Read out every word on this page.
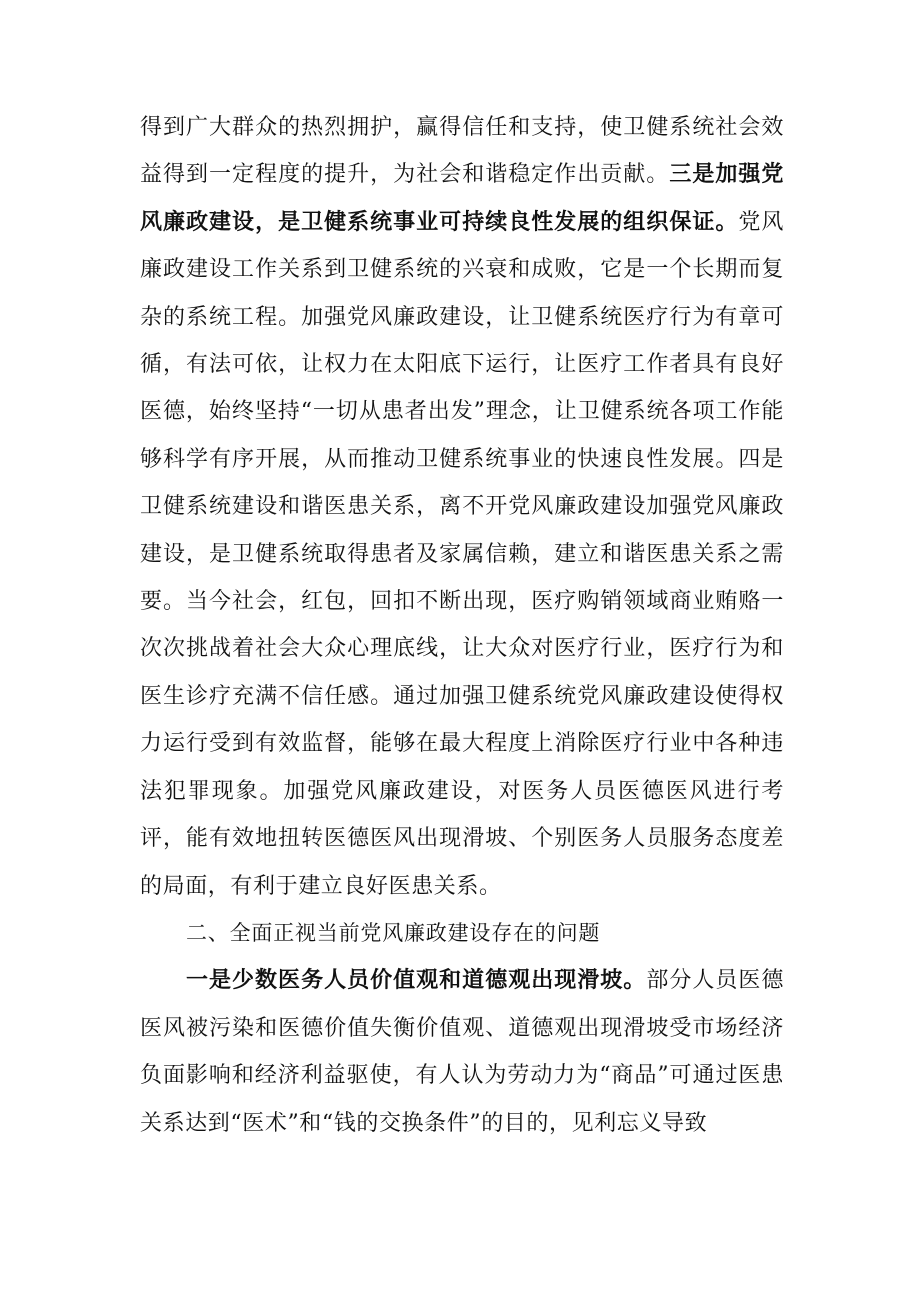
得到广大群众的热烈拥护，赢得信任和支持，使卫健系统社会效益得到一定程度的提升，为社会和谐稳定作出贡献。三是加强党风廉政建设，是卫健系统事业可持续良性发展的组织保证。党风廉政建设工作关系到卫健系统的兴衰和成败，它是一个长期而复杂的系统工程。加强党风廉政建设，让卫健系统医疗行为有章可循，有法可依，让权力在太阳底下运行，让医疗工作者具有良好医德，始终坚持“一切从患者出发”理念，让卫健系统各项工作能够科学有序开展，从而推动卫健系统事业的快速良性发展。四是卫健系统建设和谐医患关系，离不开党风廉政建设加强党风廉政建设，是卫健系统取得患者及家属信赖，建立和谐医患关系之需要。当今社会，红包，回扣不断出现，医疗购销领域商业贿赂一次次挑战着社会大众心理底线，让大众对医疗行业，医疗行为和医生诊疗充满不信任感。通过加强卫健系统党风廉政建设使得权力运行受到有效监督，能够在最大程度上消除医疗行业中各种违法犯罪现象。加强党风廉政建设，对医务人员医德医风进行考评，能有效地扭转医德医风出现滑坡、个别医务人员服务态度差的局面，有利于建立良好医患关系。

二、全面正视当前党风廉政建设存在的问题

一是少数医务人员价值观和道德观出现滑坡。部分人员医德医风被污染和医德价值失衡价值观、道德观出现滑坡受市场经济负面影响和经济利益驱使，有人认为劳动力为“商品”可通过医患关系达到“医术”和“钱的交换条件”的目的，见利忘义导致
